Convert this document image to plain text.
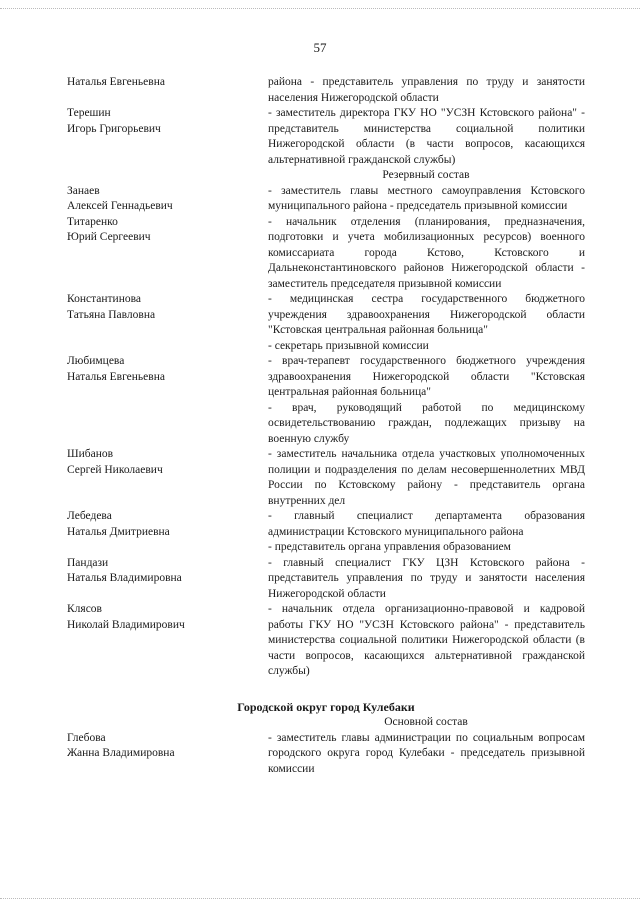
57
Наталья Евгеньевна	района - представитель управления по труду и занятости населения Нижегородской области
Терешин
Игорь Григорьевич
- заместитель директора ГКУ НО "УСЗН Кстовского района" - представитель министерства социальной политики Нижегородской области (в части вопросов, касающихся альтернативной гражданской службы)
Резервный состав
Занаев
Алексей Геннадьевич
- заместитель главы местного самоуправления Кстовского муниципального района - председатель призывной комиссии
Титаренко
Юрий Сергеевич
- начальник отделения (планирования, предназначения, подготовки и учета мобилизационных ресурсов) военного комиссариата города Кстово, Кстовского и Дальнеконстантиновского районов Нижегородской области - заместитель председателя призывной комиссии
Константинова
Татьяна Павловна
- медицинская сестра государственного бюджетного учреждения здравоохранения Нижегородской области "Кстовская центральная районная больница"
- секретарь призывной комиссии
Любимцева
Наталья Евгеньевна
- врач-терапевт государственного бюджетного учреждения здравоохранения Нижегородской области "Кстовская центральная районная больница"
- врач, руководящий работой по медицинскому освидетельствованию граждан, подлежащих призыву на военную службу
Шибанов
Сергей Николаевич
- заместитель начальника отдела участковых уполномоченных полиции и подразделения по делам несовершеннолетних МВД России по Кстовскому району - представитель органа внутренних дел
Лебедева
Наталья Дмитриевна
- главный специалист департамента образования администрации Кстовского муниципального района
- представитель органа управления образованием
Пандази
Наталья Владимировна
- главный специалист ГКУ ЦЗН Кстовского района - представитель управления по труду и занятости населения Нижегородской области
Клясов
Николай Владимирович
- начальник отдела организационно-правовой и кадровой работы ГКУ НО "УСЗН Кстовского района" - представитель министерства социальной политики Нижегородской области (в части вопросов, касающихся альтернативной гражданской службы)
Городской округ город Кулебаки
Основной состав
Глебова
Жанна Владимировна
- заместитель главы администрации по социальным вопросам городского округа город Кулебаки - председатель призывной комиссии
